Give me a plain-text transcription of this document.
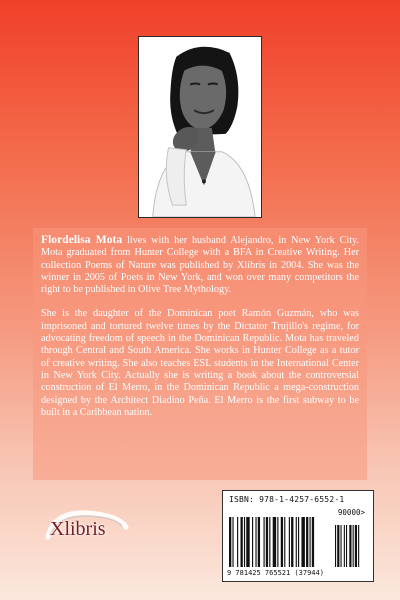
Flordelisa Mota lives with her husband Alejandro, in New York City. Mota graduated from Hunter College with a BFA in Creative Writing. Her collection Poems of Nature was published by Xlibris in 2004. She was the winner in 2005 of Poets in New York, and won over many competitors the right to be published in Olive Tree Mythology.

She is the daughter of the Dominican poet Ramón Guzmán, who was imprisoned and tortured twelve times by the Dictator Trujillo's regime, for advocating freedom of speech in the Dominican Republic. Mota has traveled through Central and South America. She works in Hunter College as a tutor of creative writing. She also teaches ESL students in the International Center in New York City. Actually she is writing a book about the controversial construction of El Merro, in the Dominican Republic a mega-construction designed by the Architect Diadino Peña. El Merro is the first subway to be built in a Caribbean nation.

Xlibris
ISBN: 978-1-4257-6552-1
90000>
9 781425 765521 (37944)
